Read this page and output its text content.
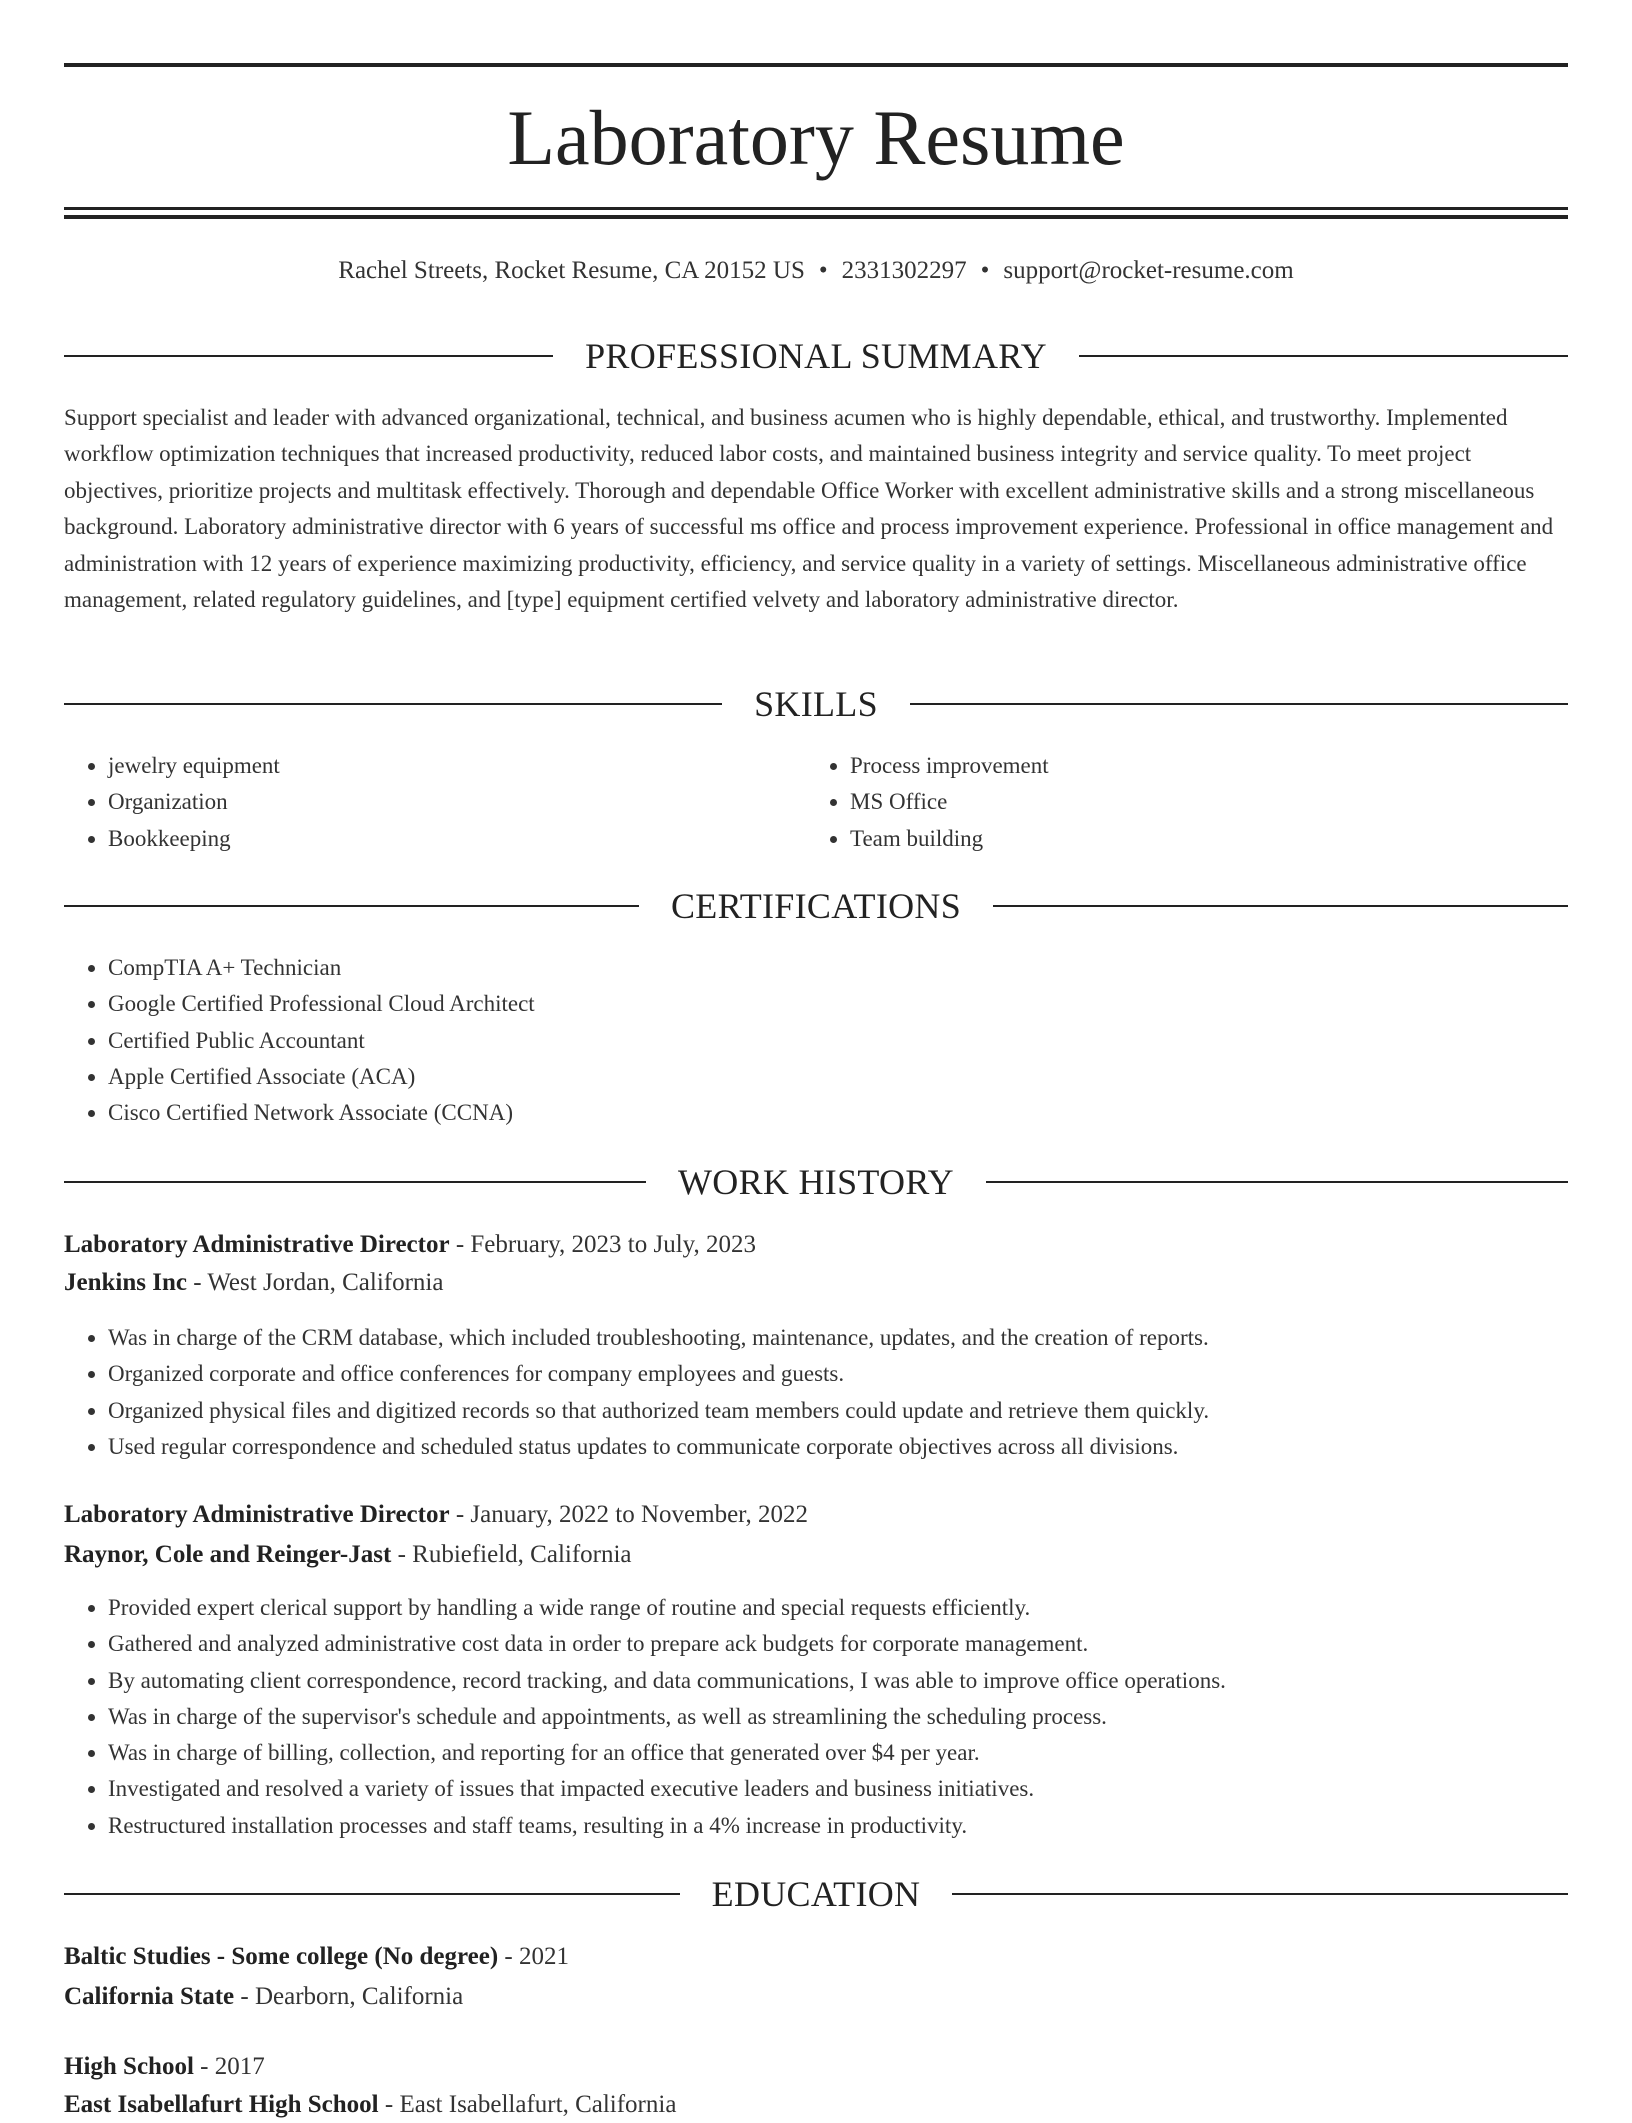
Laboratory Resume
Rachel Streets, Rocket Resume, CA 20152 US • 2331302297 • support@rocket-resume.com
PROFESSIONAL SUMMARY

Support specialist and leader with advanced organizational, technical, and business acumen who is highly dependable, ethical, and trustworthy. Implemented workflow optimization techniques that increased productivity, reduced labor costs, and maintained business integrity and service quality. To meet project objectives, prioritize projects and multitask effectively. Thorough and dependable Office Worker with excellent administrative skills and a strong miscellaneous background. Laboratory administrative director with 6 years of successful ms office and process improvement experience. Professional in office management and administration with 12 years of experience maximizing productivity, efficiency, and service quality in a variety of settings. Miscellaneous administrative office management, related regulatory guidelines, and [type] equipment certified velvety and laboratory administrative director.

SKILLS
• jewelry equipment
• Organization
• Bookkeeping
• Process improvement
• MS Office
• Team building
CERTIFICATIONS
• CompTIA A+ Technician
• Google Certified Professional Cloud Architect
• Certified Public Accountant
• Apple Certified Associate (ACA)
• Cisco Certified Network Associate (CCNA)
WORK HISTORY
Laboratory Administrative Director - February, 2023 to July, 2023
Jenkins Inc - West Jordan, California
• Was in charge of the CRM database, which included troubleshooting, maintenance, updates, and the creation of reports.
• Organized corporate and office conferences for company employees and guests.
• Organized physical files and digitized records so that authorized team members could update and retrieve them quickly.
• Used regular correspondence and scheduled status updates to communicate corporate objectives across all divisions.
Laboratory Administrative Director - January, 2022 to November, 2022
Raynor, Cole and Reinger-Jast - Rubiefield, California
• Provided expert clerical support by handling a wide range of routine and special requests efficiently.
• Gathered and analyzed administrative cost data in order to prepare ack budgets for corporate management.
• By automating client correspondence, record tracking, and data communications, I was able to improve office operations.
• Was in charge of the supervisor's schedule and appointments, as well as streamlining the scheduling process.
• Was in charge of billing, collection, and reporting for an office that generated over $4 per year.
• Investigated and resolved a variety of issues that impacted executive leaders and business initiatives.
• Restructured installation processes and staff teams, resulting in a 4% increase in productivity.
EDUCATION
Baltic Studies - Some college (No degree) - 2021
California State - Dearborn, California
High School - 2017
East Isabellafurt High School - East Isabellafurt, California
